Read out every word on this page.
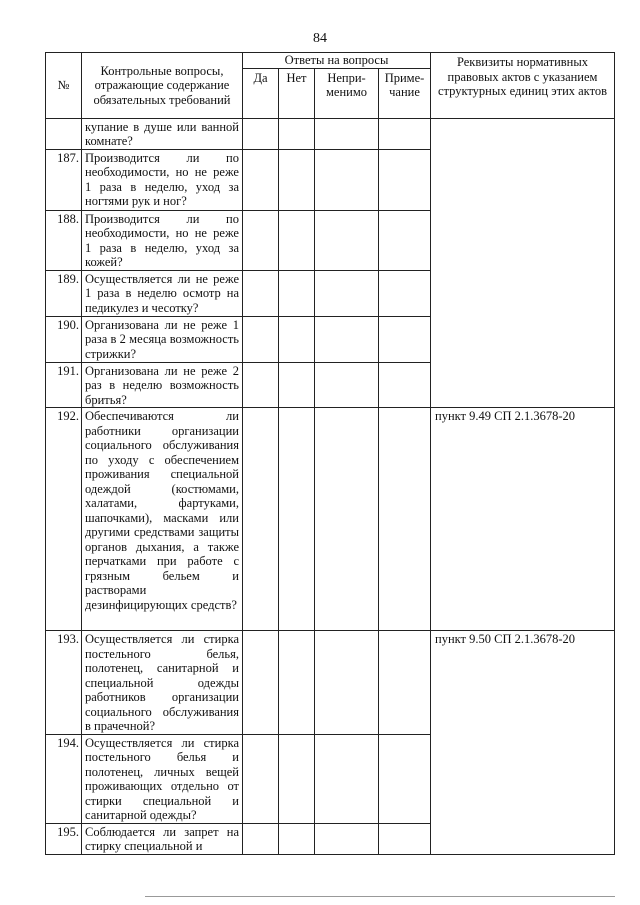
84
№	Контрольные вопросы, отражающие содержание обязательных требований	Ответы на вопросы				Реквизиты нормативных правовых актов с указанием структурных единиц этих актов
		Да	Нет	Непри-менимо	Приме-чание	
	купание в душе или ванной комнате?					
187.	Производится ли по необходимости, но не реже 1 раза в неделю, уход за ногтями рук и ног?					
188.	Производится ли по необходимости, но не реже 1 раза в неделю, уход за кожей?					
189.	Осуществляется ли не реже 1 раза в неделю осмотр на педикулез и чесотку?					
190.	Организована ли не реже 1 раза в 2 месяца возможность стрижки?					
191.	Организована ли не реже 2 раз в неделю возможность бритья?					
192.	Обеспечиваются ли работники организации социального обслуживания по уходу с обеспечением проживания специальной одеждой (костюмами, халатами, фартуками, шапочками), масками или другими средствами защиты органов дыхания, а также перчатками при работе с грязным бельем и растворами дезинфицирующих средств?					пункт 9.49 СП 2.1.3678-20
193.	Осуществляется ли стирка постельного белья, полотенец, санитарной и специальной одежды работников организации социального обслуживания в прачечной?					пункт 9.50 СП 2.1.3678-20
194.	Осуществляется ли стирка постельного белья и полотенец, личных вещей проживающих отдельно от стирки специальной и санитарной одежды?					
195.	Соблюдается ли запрет на стирку специальной и					
